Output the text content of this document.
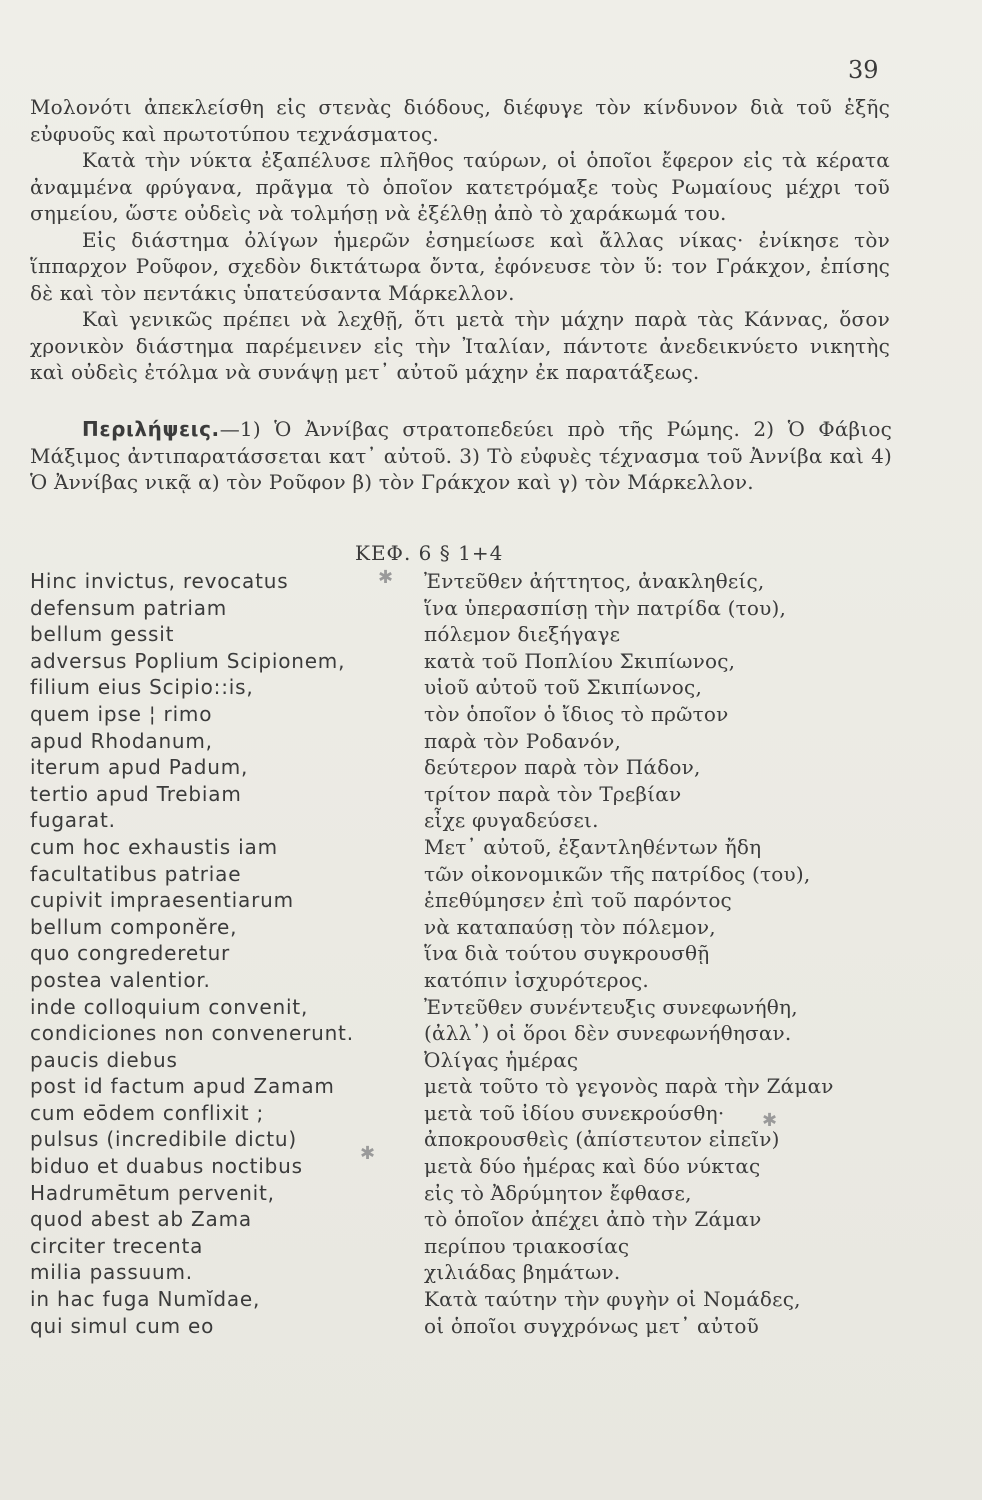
39

Μολονότι ἀπεκλείσθη εἰς στενὰς διόδους, διέφυγε τὸν κίνδυνον διὰ τοῦ ἑξῆς εὐφυοῦς καὶ πρωτοτύπου τεχνάσματος.

Κατὰ τὴν νύκτα ἐξαπέλυσε πλῆθος ταύρων, οἱ ὁποῖοι ἔφερον εἰς τὰ κέρατα ἀναμμένα φρύγανα, πρᾶγμα τὸ ὁποῖον κατετρόμαξε τοὺς Ρωμαίους μέχρι τοῦ σημείου, ὥστε οὐδεὶς νὰ τολμήσῃ νὰ ἐξέλθῃ ἀπὸ τὸ χαράκωμά του.

Εἰς διάστημα ὀλίγων ἡμερῶν ἐσημείωσε καὶ ἄλλας νίκας· ἐνίκησε τὸν ἵππαρχον Ροῦφον, σχεδὸν δικτάτωρα ὄντα, ἐφόνευσε τὸν ὕ: τον Γράκχον, ἐπίσης δὲ καὶ τὸν πεντάκις ὑπατεύσαντα Μάρκελλον.

Καὶ γενικῶς πρέπει νὰ λεχθῇ, ὅτι μετὰ τὴν μάχην παρὰ τὰς Κάννας, ὅσον χρονικὸν διάστημα παρέμεινεν εἰς τὴν Ἰταλίαν, πάντοτε ἀνεδεικνύετο νικητὴς καὶ οὐδεὶς ἐτόλμα νὰ συνάψῃ μετ᾽ αὐτοῦ μάχην ἐκ παρατάξεως.

Περιλήψεις.—1) Ὁ Ἀννίβας στρατοπεδεύει πρὸ τῆς Ρώμης. 2) Ὁ Φάβιος Μάξιμος ἀντιπαρατάσσεται κατ᾽ αὐτοῦ. 3) Τὸ εὐφυὲς τέχνασμα τοῦ Ἀννίβα καὶ 4) Ὁ Ἀννίβας νικᾷ α) τὸν Ροῦφον β) τὸν Γράκχον καὶ γ) τὸν Μάρκελλον.
ΚΕΦ. 6 § 1+4
✱
✱
✱
Hinc invictus, revocatus
defensum patriam
bellum gessit
adversus Poplium Scipionem,
filium eius Scipio::is,
quem ipse ¦ rimo
apud Rhodanum,
iterum apud Padum,
tertio apud Trebiam
fugarat.
cum hoc exhaustis iam
facultatibus patriae
cupivit impraesentiarum
bellum componĕre,
quo congrederetur
postea valentior.
inde colloquium convenit,
condiciones non convenerunt.
paucis diebus
post id factum apud Zamam
cum eōdem conflixit ;
pulsus (incredibile dictu)
biduo et duabus noctibus
Hadrumētum pervenit,
quod abest ab Zama
circiter trecenta
milia passuum.
in hac fuga Numĭdae,
qui simul cum eo
Ἐντεῦθεν ἀήττητος, ἀνακληθείς,
ἵνα ὑπερασπίσῃ τὴν πατρίδα (του),
πόλεμον διεξήγαγε
κατὰ τοῦ Ποπλίου Σκιπίωνος,
υἱοῦ αὐτοῦ τοῦ Σκιπίωνος,
τὸν ὁποῖον ὁ ἴδιος τὸ πρῶτον
παρὰ τὸν Ροδανόν,
δεύτερον παρὰ τὸν Πάδον,
τρίτον παρὰ τὸν Τρεβίαν
εἶχε φυγαδεύσει.
Μετ᾽ αὐτοῦ, ἐξαντληθέντων ἤδη
τῶν οἰκονομικῶν τῆς πατρίδος (του),
ἐπεθύμησεν ἐπὶ τοῦ παρόντος
νὰ καταπαύσῃ τὸν πόλεμον,
ἵνα διὰ τούτου συγκρουσθῇ
κατόπιν ἰσχυρότερος.
Ἐντεῦθεν συνέντευξις συνεφωνήθη,
(ἀλλ᾽) οἱ ὅροι δὲν συνεφωνήθησαν.
Ὀλίγας ἡμέρας
μετὰ τοῦτο τὸ γεγονὸς παρὰ τὴν Ζάμαν
μετὰ τοῦ ἰδίου συνεκρούσθη·
ἀποκρουσθεὶς (ἀπίστευτον εἰπεῖν)
μετὰ δύο ἡμέρας καὶ δύο νύκτας
εἰς τὸ Ἀδρύμητον ἔφθασε,
τὸ ὁποῖον ἀπέχει ἀπὸ τὴν Ζάμαν
περίπου τριακοσίας
χιλιάδας βημάτων.
Κατὰ ταύτην τὴν φυγὴν οἱ Νομάδες,
οἱ ὁποῖοι συγχρόνως μετ᾽ αὐτοῦ
